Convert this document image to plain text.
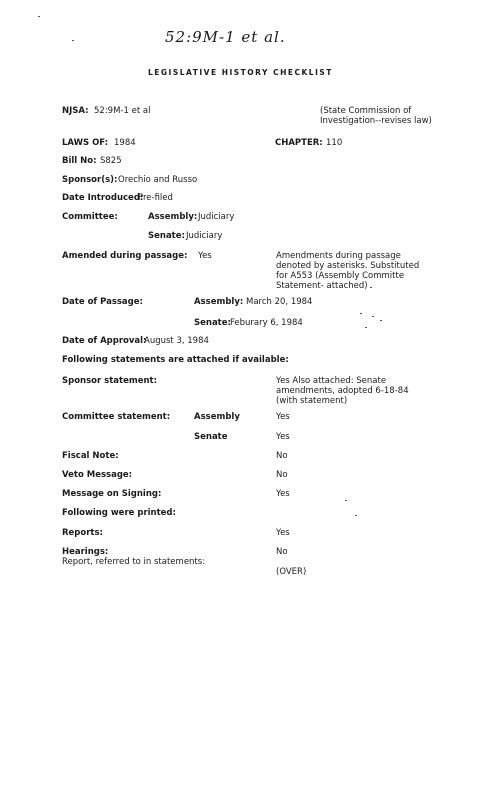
52:9M-1 et al.
LEGISLATIVE HISTORY CHECKLIST
NJSA: 52:9M-1 et al	(State Commission of Investigation--revises law)
LAWS OF: 1984	CHAPTER: 110
Bill No: S825
Sponsor(s): Orechio and Russo
Date Introduced:
Pre-filed
Committee:	Assembly: Judiciary
Senate: Judiciary
Amended during passage: Yes	Amendments during passage denoted by asterisks. Substituted for A553 (Assembly Committe Statement- attached)
Date of Passage:	Assembly: March 20, 1984
Senate: Feburary 6, 1984
Date of Approval:
August 3, 1984
Following statements are attached if available:
Sponsor statement:	Yes Also attached: Senate amendments, adopted 6-18-84 (with statement)
Committee statement:	Assembly	Yes
Senate	Yes
Fiscal Note:	No
Veto Message:	No
Message on Signing:	Yes
Following were printed:
Reports:	Yes
Hearings:	No
Report, referred to in statements:
(OVER)
